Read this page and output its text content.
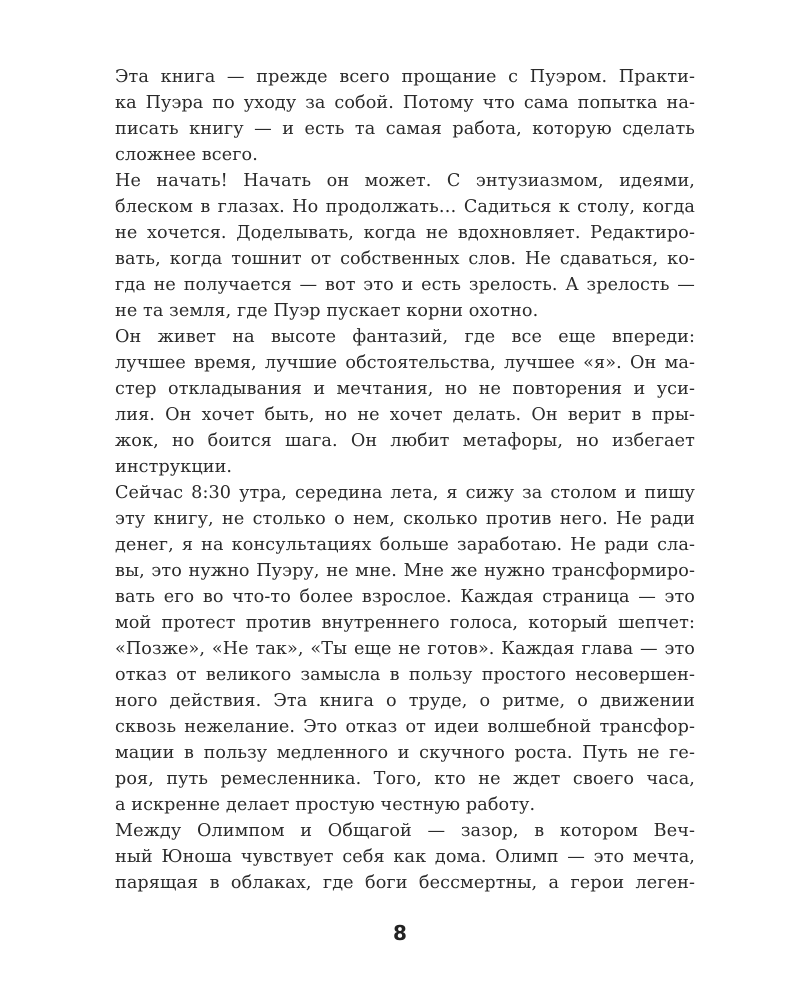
Эта книга — прежде всего прощание с Пуэром. Практи-
ка Пуэра по уходу за собой. Потому что сама попытка на-
писать книгу — и есть та самая работа, которую сделать
сложнее всего.
Не начать! Начать он может. С энтузиазмом, идеями,
блеском в глазах. Но продолжать… Садиться к столу, когда
не хочется. Доделывать, когда не вдохновляет. Редактиро-
вать, когда тошнит от собственных слов. Не сдаваться, ко-
гда не получается — вот это и есть зрелость. А зрелость —
не та земля, где Пуэр пускает корни охотно.
Он живет на высоте фантазий, где все еще впереди:
лучшее время, лучшие обстоятельства, лучшее «я». Он ма-
стер откладывания и мечтания, но не повторения и уси-
лия. Он хочет быть, но не хочет делать. Он верит в пры-
жок, но боится шага. Он любит метафоры, но избегает
инструкции.
Сейчас 8:30 утра, середина лета, я сижу за столом и пишу
эту книгу, не столько о нем, сколько против него. Не ради
денег, я на консультациях больше заработаю. Не ради сла-
вы, это нужно Пуэру, не мне. Мне же нужно трансформиро-
вать его во что-то более взрослое. Каждая страница — это
мой протест против внутреннего голоса, который шепчет:
«Позже», «Не так», «Ты еще не готов». Каждая глава — это
отказ от великого замысла в пользу простого несовершен-
ного действия. Эта книга о труде, о ритме, о движении
сквозь нежелание. Это отказ от идеи волшебной трансфор-
мации в пользу медленного и скучного роста. Путь не ге-
роя, путь ремесленника. Того, кто не ждет своего часа,
а искренне делает простую честную работу.
Между Олимпом и Общагой — зазор, в котором Веч-
ный Юноша чувствует себя как дома. Олимп — это мечта,
парящая в облаках, где боги бессмертны, а герои леген-
8
